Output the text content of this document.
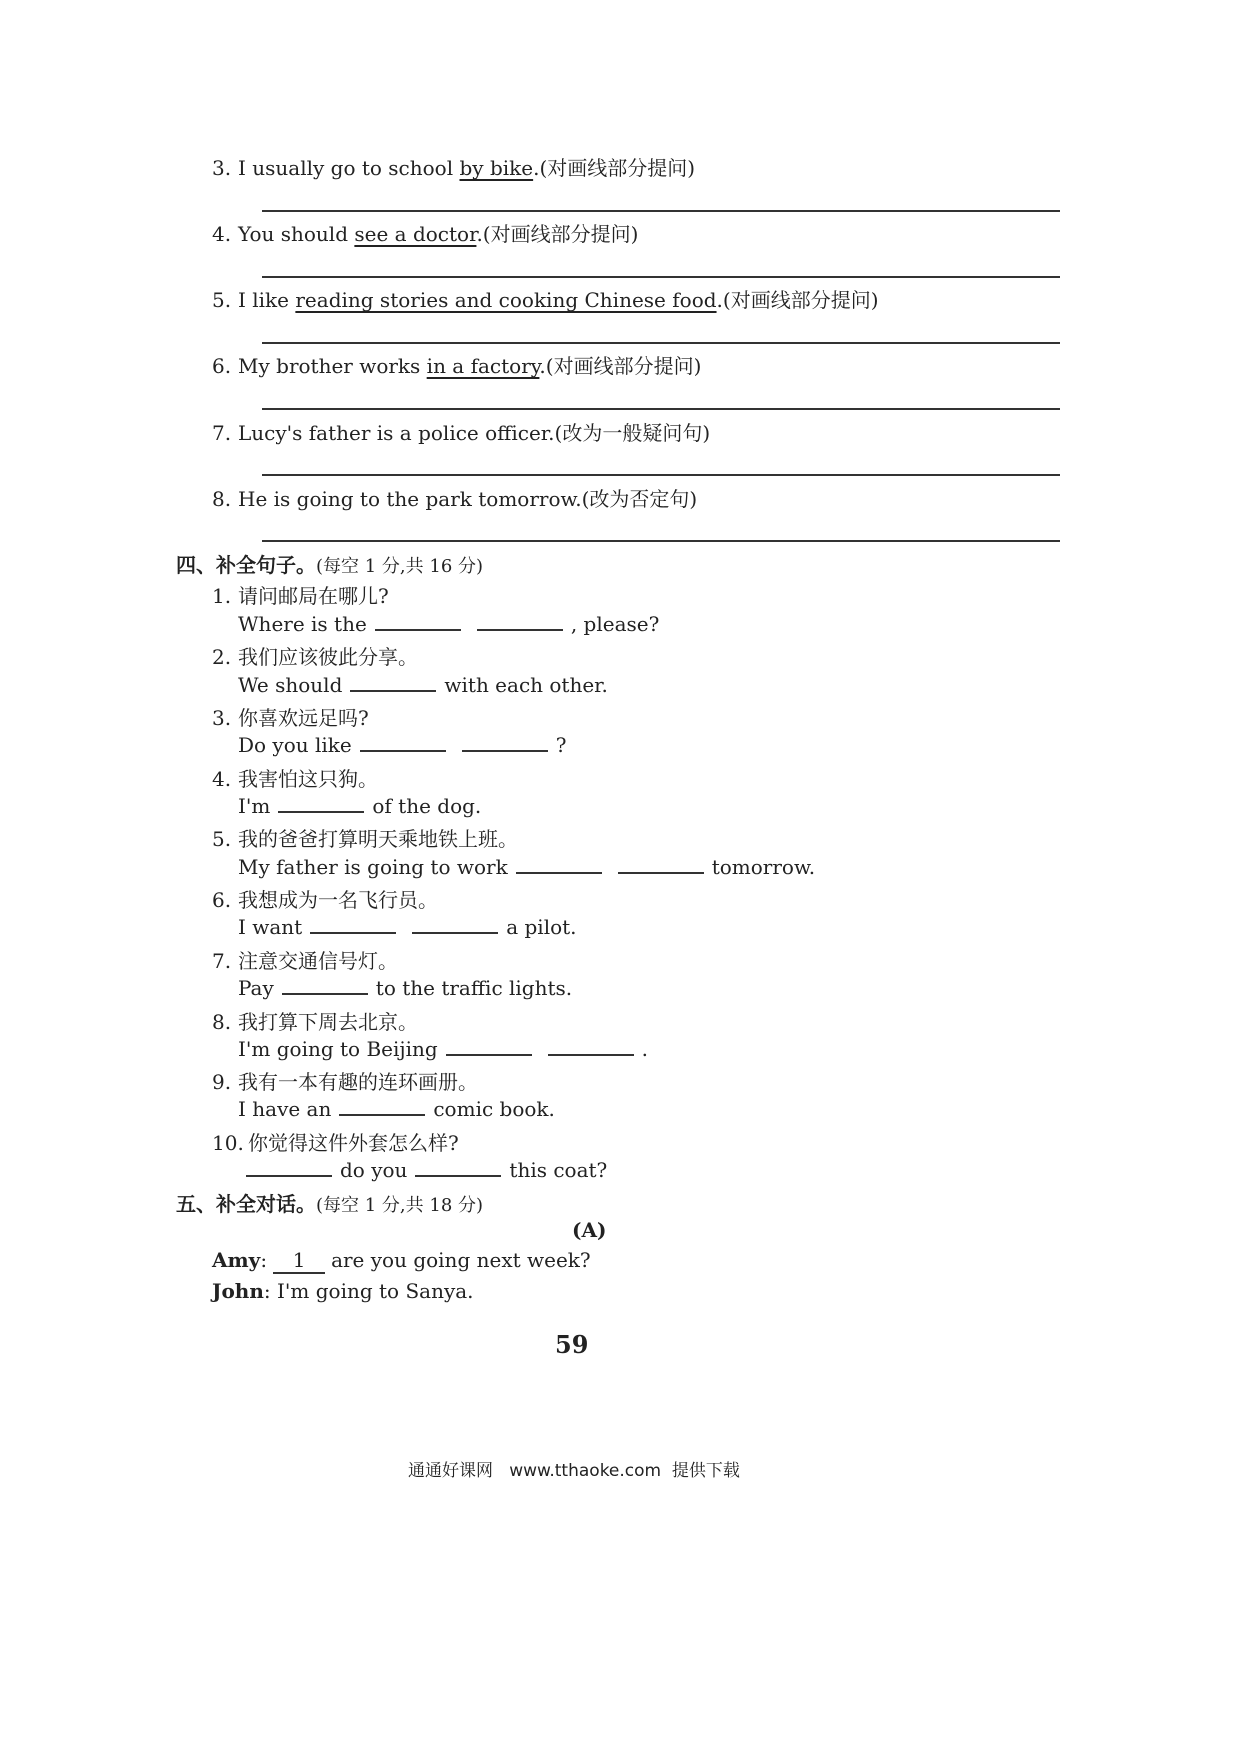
3. I usually go to school by bike.(对画线部分提问)
4. You should see a doctor.(对画线部分提问)
5. I like reading stories and cooking Chinese food.(对画线部分提问)
6. My brother works in a factory.(对画线部分提问)
7. Lucy's father is a police officer.(改为一般疑问句)
8. He is going to the park tomorrow.(改为否定句)
四、补全句子。(每空 1 分,共 16 分)
1. 请问邮局在哪儿?
Where is the	, please?
2. 我们应该彼此分享。
We should	with each other.
3. 你喜欢远足吗?
Do you like	?
4. 我害怕这只狗。
I'm	of the dog.
5. 我的爸爸打算明天乘地铁上班。
My father is going to work	tomorrow.
6. 我想成为一名飞行员。
I want	a pilot.
7. 注意交通信号灯。
Pay	to the traffic lights.
8. 我打算下周去北京。
I'm going to Beijing	.
9. 我有一本有趣的连环画册。
I have an	comic book.
10. 你觉得这件外套怎么样?
do you	this coat?
五、补全对话。(每空 1 分,共 18 分)
(A)
Amy: 1 are you going next week?
John: I'm going to Sanya.
59
通通好课网   www.tthaoke.com  提供下载
